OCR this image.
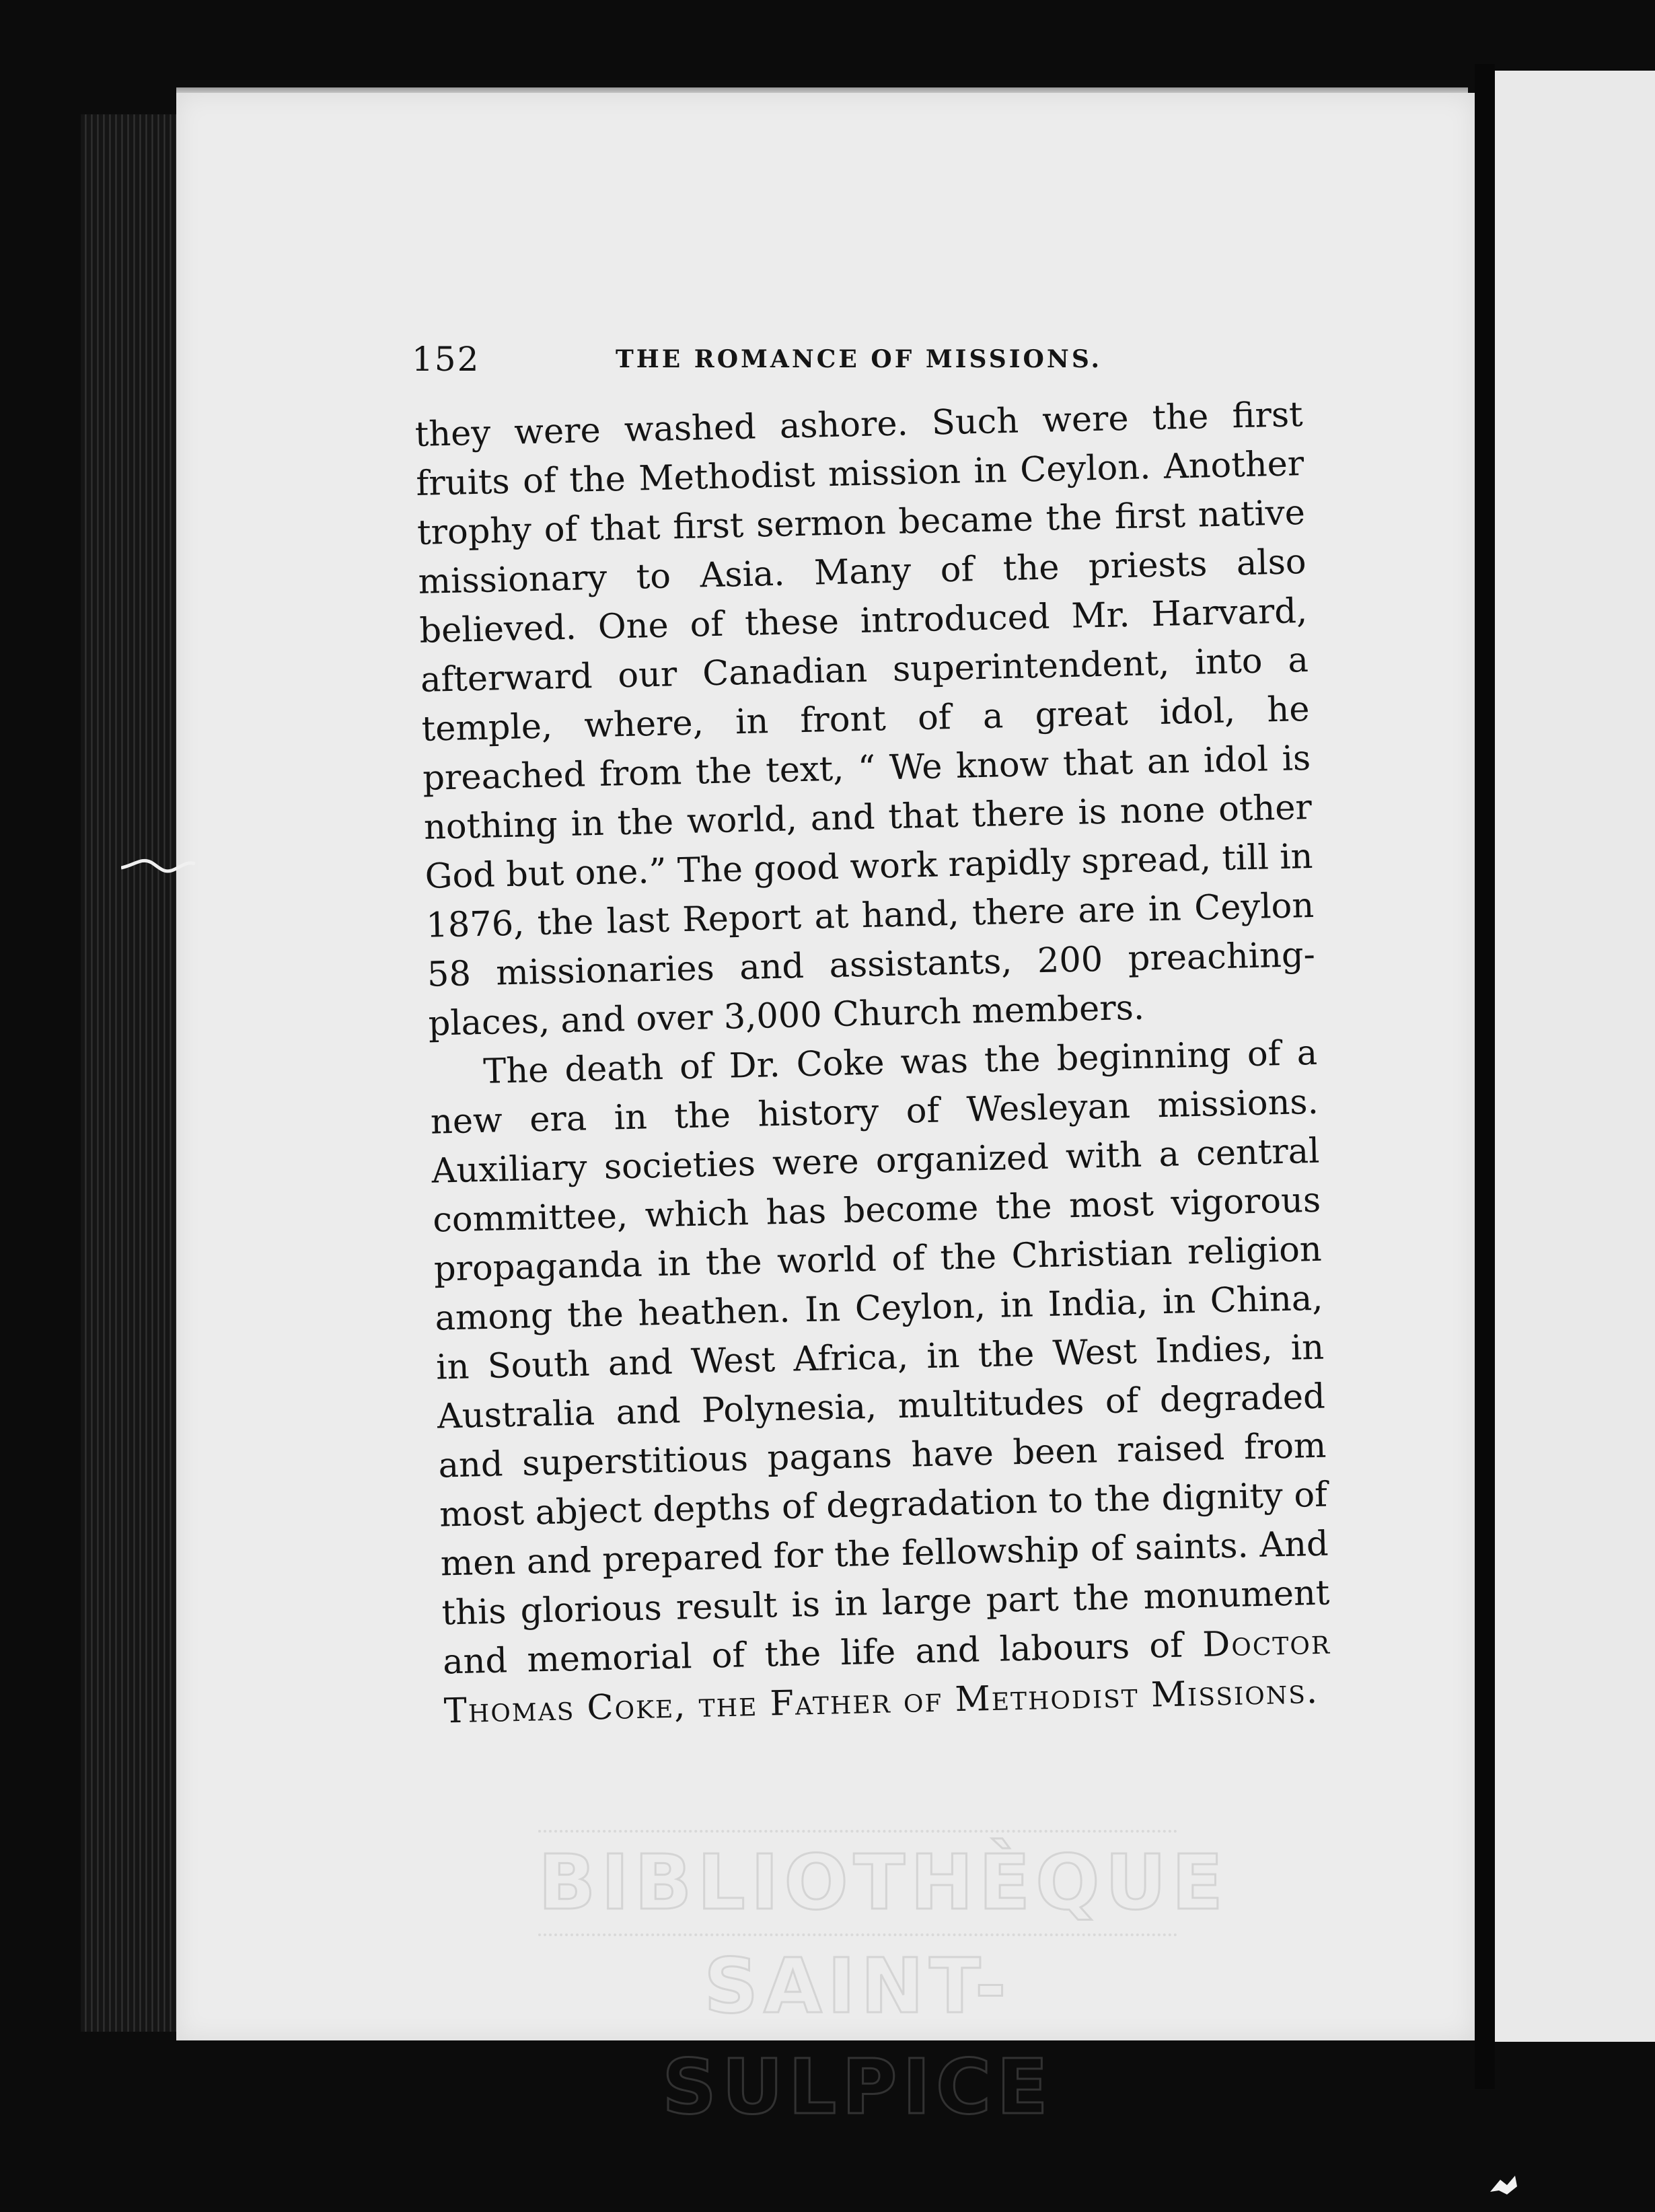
152	THE ROMANCE OF MISSIONS.

they were washed ashore. Such were the first fruits of the Methodist mission in Ceylon. Another trophy of that first sermon became the first native missionary to Asia. Many of the priests also believed. One of these introduced Mr. Harvard, afterward our Canadian superintendent, into a temple, where, in front of a great idol, he preached from the text, “ We know that an idol is nothing in the world, and that there is none other God but one.” The good work rapidly spread, till in 1876, the last Report at hand, there are in Ceylon 58 missionaries and assistants, 200 preaching-places, and over 3,000 Church members.

The death of Dr. Coke was the beginning of a new era in the history of Wesleyan missions. Auxiliary societies were organized with a central committee, which has become the most vigorous propaganda in the world of the Christian religion among the heathen. In Ceylon, in India, in China, in South and West Africa, in the West Indies, in Australia and Polynesia, multitudes of degraded and superstitious pagans have been raised from most abject depths of degradation to the dignity of men and prepared for the fellowship of saints. And this glorious result is in large part the monument and memorial of the life and labours of Doctor Thomas Coke, the Father of Methodist Missions.

BIBLIOTHÈQUE
SAINT-SULPICE
